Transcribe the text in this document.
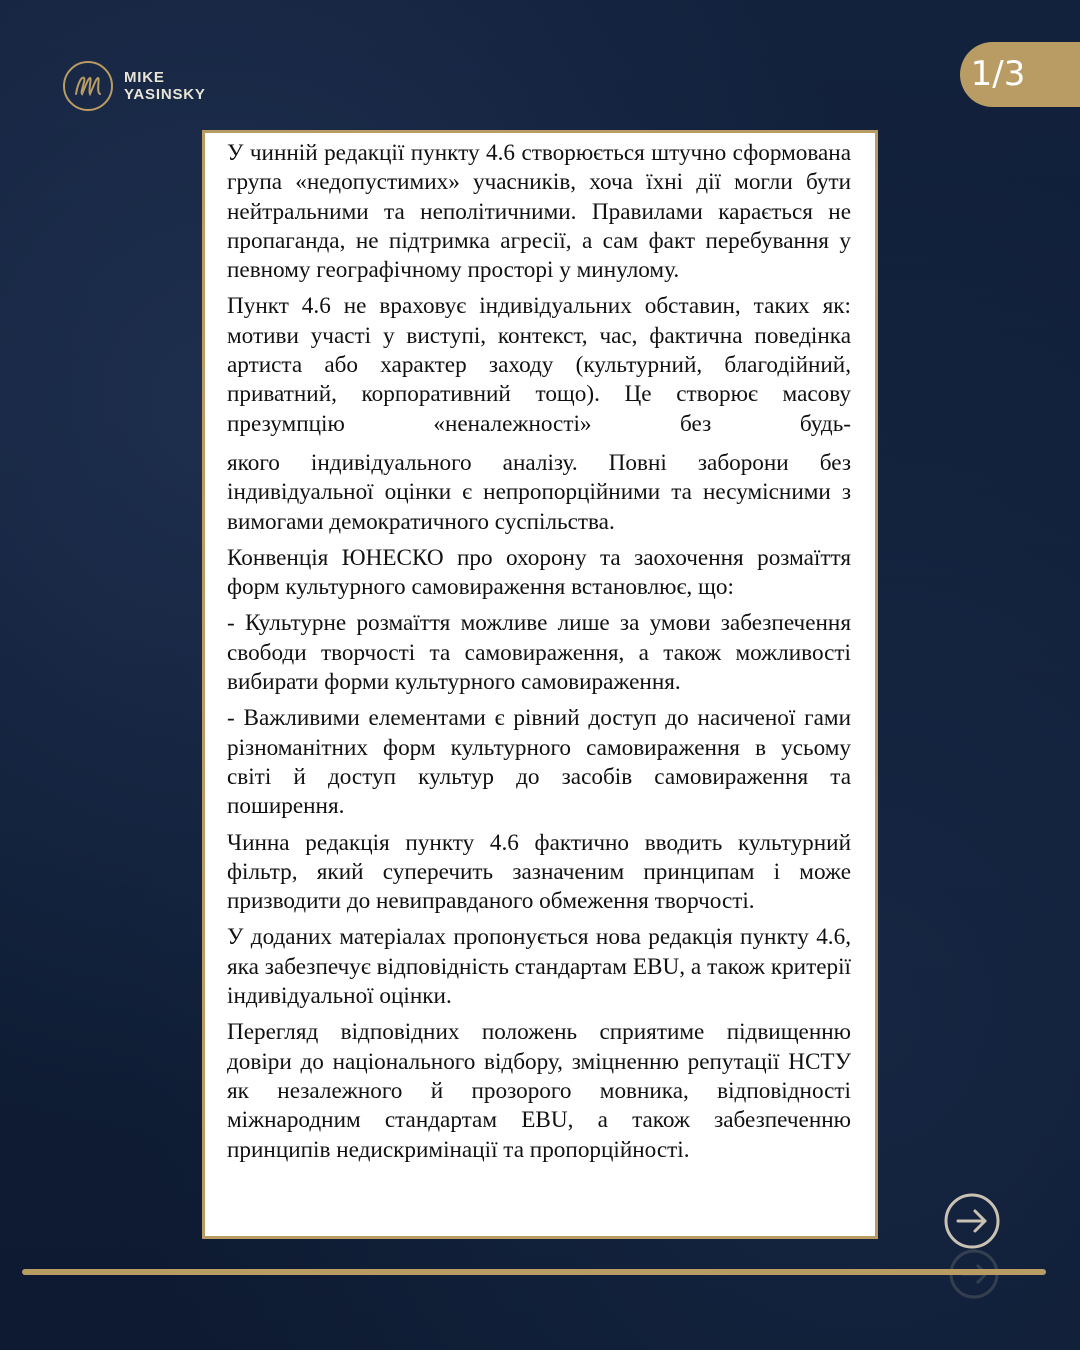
MIKE
YASINSKY
1/3

У чинній редакції пункту 4.6 створюється штучно сформована група «недопустимих» учасників, хоча їхні дії могли бути нейтральними та неполітичними. Правилами карається не пропаганда, не підтримка агресії, а сам факт перебування у певному географічному просторі у минулому.

Пункт 4.6 не враховує індивідуальних обставин, таких як: мотиви участі у виступі, контекст, час, фактична поведінка артиста або характер заходу (культурний, благодійний, приватний, корпоративний тощо). Це створює масову презумпцію «неналежності» без будь-

якого індивідуального аналізу. Повні заборони без індивідуальної оцінки є непропорційними та несумісними з вимогами демократичного суспільства.

Конвенція ЮНЕСКО про охорону та заохочення розмаїття форм культурного самовираження встановлює, що:

- Культурне розмаїття можливе лише за умови забезпечення свободи творчості та самовираження, а також можливості вибирати форми культурного самовираження.

- Важливими елементами є рівний доступ до насиченої гами різноманітних форм культурного самовираження в усьому світі й доступ культур до засобів самовираження та поширення.

Чинна редакція пункту 4.6 фактично вводить культурний фільтр, який суперечить зазначеним принципам і може призводити до невиправданого обмеження творчості.

У доданих матеріалах пропонується нова редакція пункту 4.6, яка забезпечує відповідність стандартам EBU, а також критерії індивідуальної оцінки.

Перегляд відповідних положень сприятиме підвищенню довіри до національного відбору, зміцненню репутації НСТУ як незалежного й прозорого мовника, відповідності міжнародним стандартам EBU, а також забезпеченню принципів недискримінації та пропорційності.
